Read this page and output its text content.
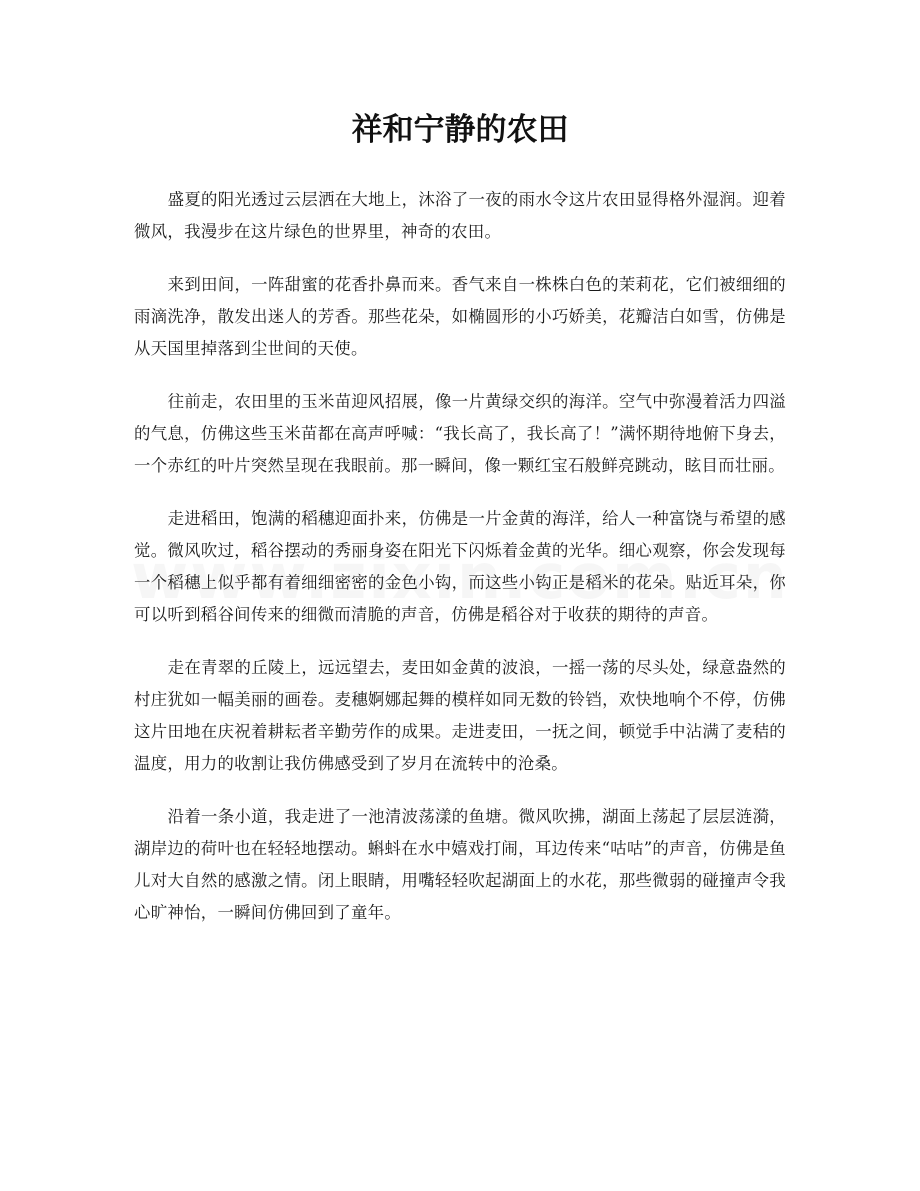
祥和宁静的农田

盛夏的阳光透过云层洒在大地上，沐浴了一夜的雨水令这片农田显得格外湿润。迎着微风，我漫步在这片绿色的世界里，神奇的农田。

来到田间，一阵甜蜜的花香扑鼻而来。香气来自一株株白色的茉莉花，它们被细细的雨滴洗净，散发出迷人的芳香。那些花朵，如椭圆形的小巧娇美，花瓣洁白如雪，仿佛是从天国里掉落到尘世间的天使。

往前走，农田里的玉米苗迎风招展，像一片黄绿交织的海洋。空气中弥漫着活力四溢的气息，仿佛这些玉米苗都在高声呼喊：“我长高了，我长高了！”满怀期待地俯下身去，一个赤红的叶片突然呈现在我眼前。那一瞬间，像一颗红宝石般鲜亮跳动，眩目而壮丽。

走进稻田，饱满的稻穗迎面扑来，仿佛是一片金黄的海洋，给人一种富饶与希望的感觉。微风吹过，稻谷摆动的秀丽身姿在阳光下闪烁着金黄的光华。细心观察，你会发现每一个稻穗上似乎都有着细细密密的金色小钩，而这些小钩正是稻米的花朵。贴近耳朵，你可以听到稻谷间传来的细微而清脆的声音，仿佛是稻谷对于收获的期待的声音。

走在青翠的丘陵上，远远望去，麦田如金黄的波浪，一摇一荡的尽头处，绿意盎然的村庄犹如一幅美丽的画卷。麦穗婀娜起舞的模样如同无数的铃铛，欢快地响个不停，仿佛这片田地在庆祝着耕耘者辛勤劳作的成果。走进麦田，一抚之间，顿觉手中沾满了麦秸的温度，用力的收割让我仿佛感受到了岁月在流转中的沧桑。

沿着一条小道，我走进了一池清波荡漾的鱼塘。微风吹拂，湖面上荡起了层层涟漪，湖岸边的荷叶也在轻轻地摆动。蝌蚪在水中嬉戏打闹，耳边传来“咕咕”的声音，仿佛是鱼儿对大自然的感激之情。闭上眼睛，用嘴轻轻吹起湖面上的水花，那些微弱的碰撞声令我心旷神怡，一瞬间仿佛回到了童年。
